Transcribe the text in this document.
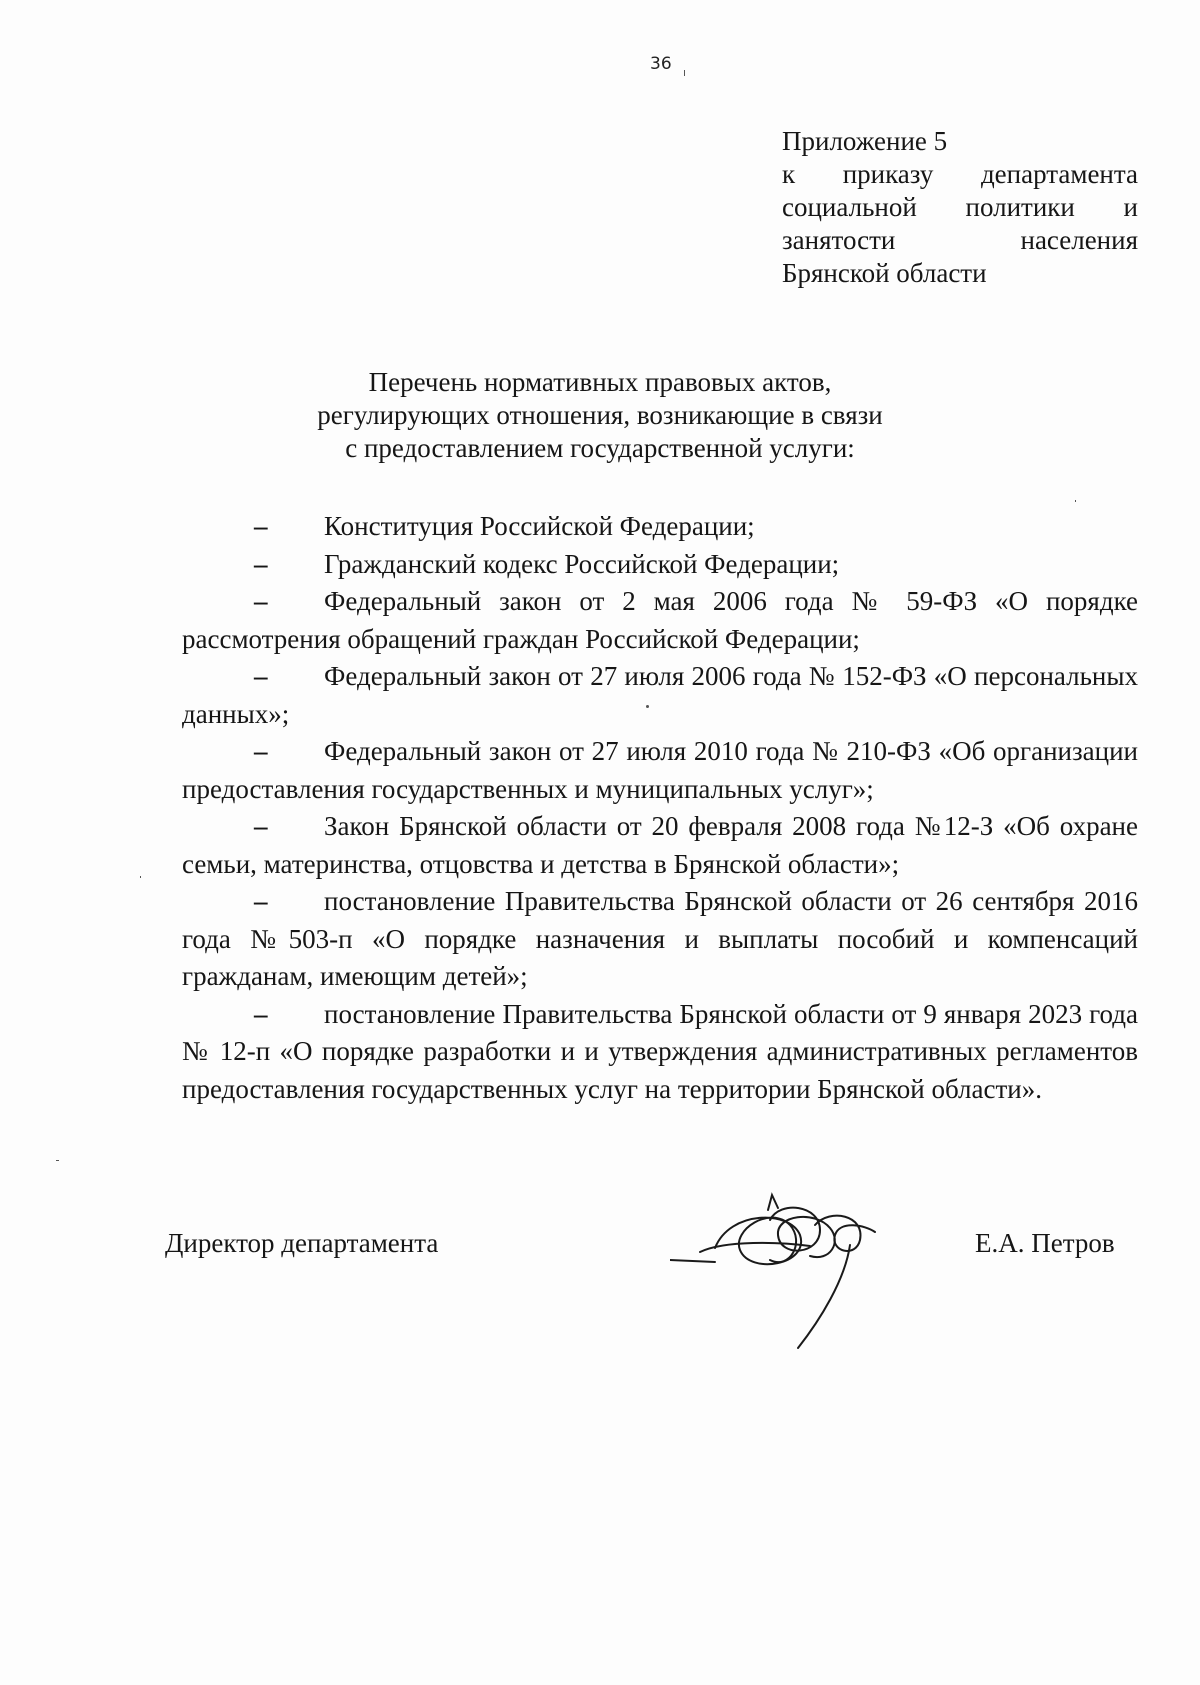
36
Приложение 5
к приказу департамента
социальной политики и
занятости населения
Брянской области
Перечень нормативных правовых актов,
регулирующих отношения, возникающие в связи
с предоставлением государственной услуги:
– Конституция Российской Федерации;
– Гражданский кодекс Российской Федерации;
– Федеральный закон от 2 мая 2006 года № 59-ФЗ «О порядке рассмотрения обращений граждан Российской Федерации;
– Федеральный закон от 27 июля 2006 года № 152-ФЗ «О персональных данных»;
– Федеральный закон от 27 июля 2010 года № 210-ФЗ «Об организации предоставления государственных и муниципальных услуг»;
– Закон Брянской области от 20 февраля 2008 года №12-З «Об охране семьи, материнства, отцовства и детства в Брянской области»;
– постановление Правительства Брянской области от 26 сентября 2016 года №503-п «О порядке назначения и выплаты пособий и компенсаций гражданам, имеющим детей»;
– постановление Правительства Брянской области от 9 января 2023 года № 12-п «О порядке разработки и и утверждения административных регламентов предоставления государственных услуг на территории Брянской области».
Директор департамента	Е.А. Петров
